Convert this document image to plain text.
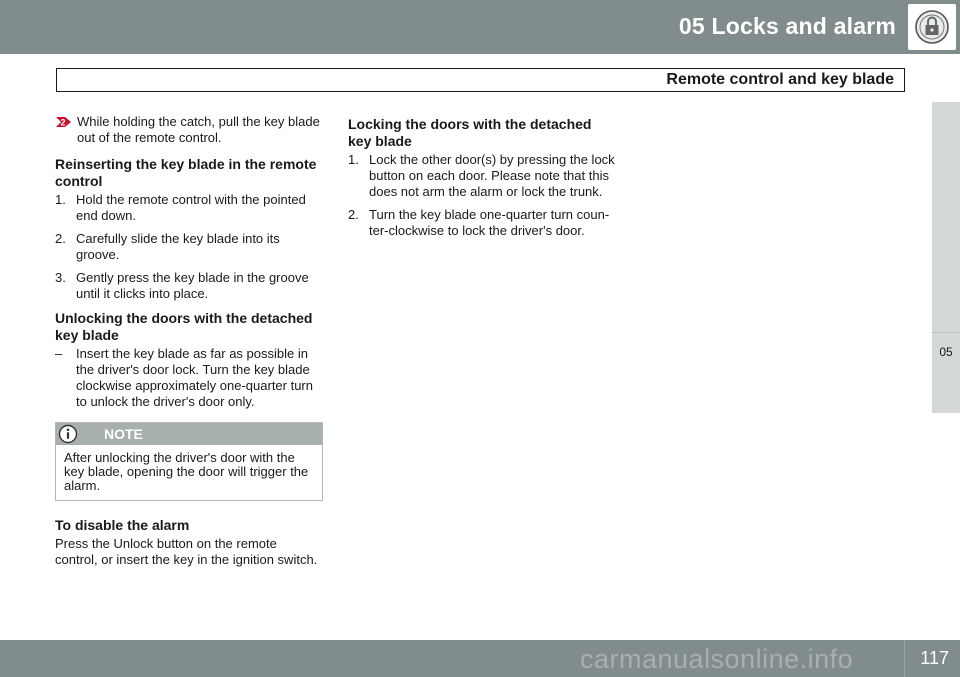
05 Locks and alarm
Remote control and key blade
05

2 While holding the catch, pull the key blade out of the remote control.

Reinserting the key blade in the remote control
1. Hold the remote control with the pointed end down.
2. Carefully slide the key blade into its groove.
3. Gently press the key blade in the groove until it clicks into place.
Unlocking the doors with the detached key blade
– Insert the key blade as far as possible in the driver's door lock. Turn the key blade clockwise approximately one-quarter turn to unlock the driver's door only.
NOTE
After unlocking the driver's door with the key blade, opening the door will trigger the alarm.
To disable the alarm

Press the Unlock button on the remote control, or insert the key in the ignition switch.

Locking the doors with the detached key blade
1. Lock the other door(s) by pressing the lock button on each door. Please note that this does not arm the alarm or lock the trunk.
2. Turn the key blade one-quarter turn coun-ter-clockwise to lock the driver's door.
carmanualsonline.info	117
